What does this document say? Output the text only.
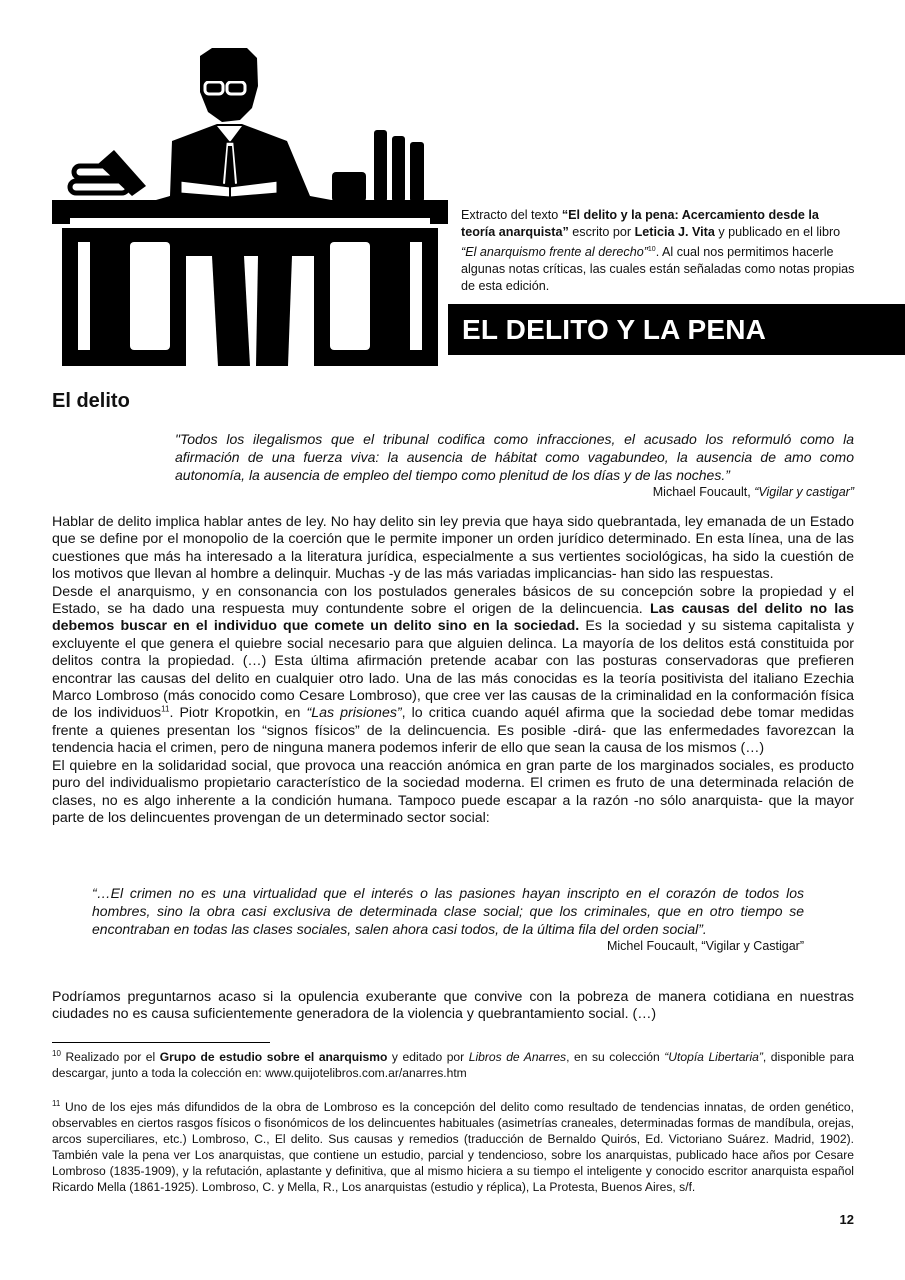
Extracto del texto “El delito y la pena: Acercamiento desde la teoría anarquista” escrito por Leticia J. Vita y publicado en el libro “El anarquismo frente al derecho”$^{10}$. Al cual nos permitimos hacerle algunas notas críticas, las cuales están señaladas como notas propias de esta edición.
EL DELITO Y LA PENA
El delito
"Todos los ilegalismos que el tribunal codifica como infracciones, el acusado los reformuló como la afirmación de una fuerza viva: la ausencia de hábitat como vagabundeo, la ausencia de amo como autonomía, la ausencia de empleo del tiempo como plenitud de los días y de las noches.”
Michael Foucault, “Vigilar y castigar”

Hablar de delito implica hablar antes de ley. No hay delito sin ley previa que haya sido quebrantada, ley emanada de un Estado que se define por el monopolio de la coerción que le permite imponer un orden jurídico determinado. En esta línea, una de las cuestiones que más ha interesado a la literatura jurídica, especialmente a sus vertientes sociológicas, ha sido la cuestión de los motivos que llevan al hombre a delinquir. Muchas -y de las más variadas implicancias- han sido las respuestas.

Desde el anarquismo, y en consonancia con los postulados generales básicos de su concepción sobre la propiedad y el Estado, se ha dado una respuesta muy contundente sobre el origen de la delincuencia. Las causas del delito no las debemos buscar en el individuo que comete un delito sino en la sociedad. Es la sociedad y su sistema capitalista y excluyente el que genera el quiebre social necesario para que alguien delinca. La mayoría de los delitos está constituida por delitos contra la propiedad. (…) Esta última afirmación pretende acabar con las posturas conservadoras que prefieren encontrar las causas del delito en cualquier otro lado. Una de las más conocidas es la teoría positivista del italiano Ezechia Marco Lombroso (más conocido como Cesare Lombroso), que cree ver las causas de la criminalidad en la conformación física de los individuos$^{11}$. Piotr Kropotkin, en “Las prisiones”, lo critica cuando aquél afirma que la sociedad debe tomar medidas frente a quienes presentan los “signos físicos” de la delincuencia. Es posible -dirá- que las enfermedades favorezcan la tendencia hacia el crimen, pero de ninguna manera podemos inferir de ello que sean la causa de los mismos (…)

El quiebre en la solidaridad social, que provoca una reacción anómica en gran parte de los marginados sociales, es producto puro del individualismo propietario característico de la sociedad moderna. El crimen es fruto de una determinada relación de clases, no es algo inherente a la condición humana. Tampoco puede escapar a la razón -no sólo anarquista- que la mayor parte de los delincuentes provengan de un determinado sector social:

“…El crimen no es una virtualidad que el interés o las pasiones hayan inscripto en el corazón de todos los hombres, sino la obra casi exclusiva de determinada clase social; que los criminales, que en otro tiempo se encontraban en todas las clases sociales, salen ahora casi todos, de la última fila del orden social”.
Michel Foucault, “Vigilar y Castigar”

Podríamos preguntarnos acaso si la opulencia exuberante que convive con la pobreza de manera cotidiana en nuestras ciudades no es causa suficientemente generadora de la violencia y quebrantamiento social. (…)

$^{10}$ Realizado por el Grupo de estudio sobre el anarquismo y editado por Libros de Anarres, en su colección “Utopía Libertaria”, disponible para descargar, junto a toda la colección en: www.quijotelibros.com.ar/anarres.htm

$^{11}$ Uno de los ejes más difundidos de la obra de Lombroso es la concepción del delito como resultado de tendencias innatas, de orden genético, observables en ciertos rasgos físicos o fisonómicos de los delincuentes habituales (asimetrías craneales, determinadas formas de mandíbula, orejas, arcos superciliares, etc.) Lombroso, C., El delito. Sus causas y remedios (traducción de Bernaldo Quirós, Ed. Victoriano Suárez. Madrid, 1902). También vale la pena ver Los anarquistas, que contiene un estudio, parcial y tendencioso, sobre los anarquistas, publicado hace años por Cesare Lombroso (1835-1909), y la refutación, aplastante y definitiva, que al mismo hiciera a su tiempo el inteligente y conocido escritor anarquista español Ricardo Mella (1861-1925). Lombroso, C. y Mella, R., Los anarquistas (estudio y réplica), La Protesta, Buenos Aires, s/f.

12
